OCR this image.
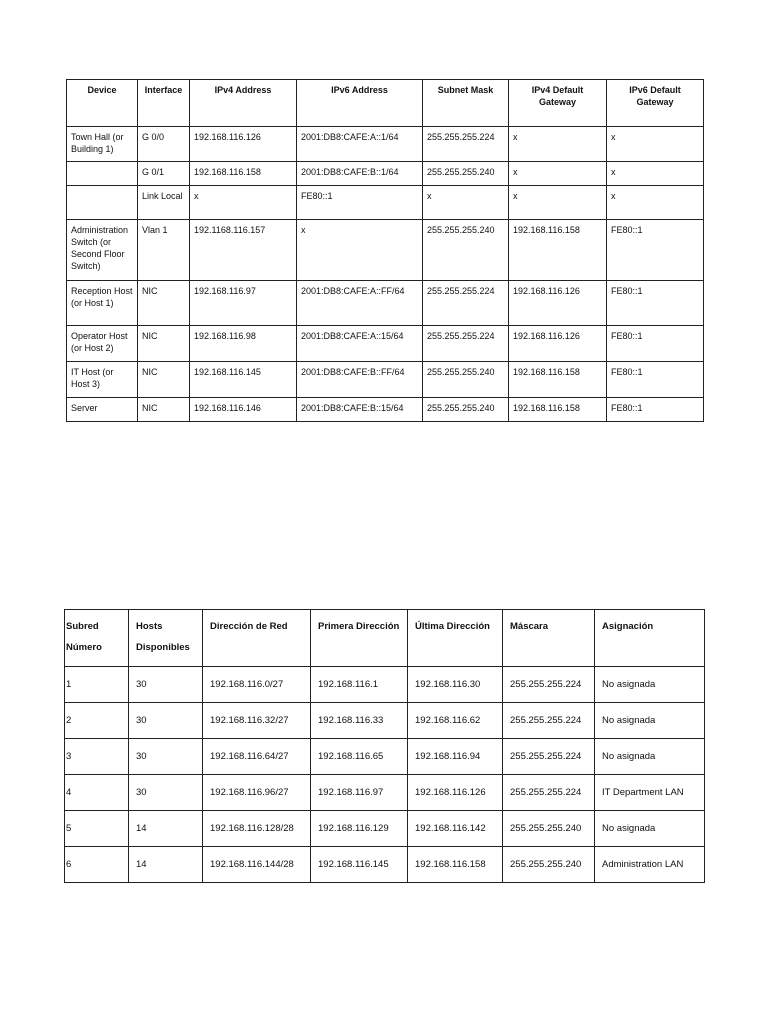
Device	Interface	IPv4 Address	IPv6 Address	Subnet Mask	IPv4 Default Gateway	IPv6 Default Gateway
Town Hall (or Building 1)	G 0/0	192.168.116.126	2001:DB8:CAFE:A::1/64	255.255.255.224	x	x
	G 0/1	192.168.116.158	2001:DB8:CAFE:B::1/64	255.255.255.240	x	x
	Link Local	x	FE80::1	x	x	x
Administration Switch (or Second Floor Switch)	Vlan 1	192.1168.116.157	x	255.255.255.240	192.168.116.158	FE80::1
Reception Host (or Host 1)	NIC	192.168.116.97	2001:DB8:CAFE:A::FF/64	255.255.255.224	192.168.116.126	FE80::1
Operator Host (or Host 2)	NIC	192.168.116.98	2001:DB8:CAFE:A::15/64	255.255.255.224	192.168.116.126	FE80::1
IT Host (or Host 3)	NIC	192.168.116.145	2001:DB8:CAFE:B::FF/64	255.255.255.240	192.168.116.158	FE80::1
Server	NIC	192.168.116.146	2001:DB8:CAFE:B::15/64	255.255.255.240	192.168.116.158	FE80::1
Subred Número	Hosts Disponibles	Dirección de Red	Primera Dirección	Última Dirección	Máscara	Asignación
1	30	192.168.116.0/27	192.168.116.1	192.168.116.30	255.255.255.224	No asignada
2	30	192.168.116.32/27	192.168.116.33	192.168.116.62	255.255.255.224	No asignada
3	30	192.168.116.64/27	192.168.116.65	192.168.116.94	255.255.255.224	No asignada
4	30	192.168.116.96/27	192.168.116.97	192.168.116.126	255.255.255.224	IT Department LAN
5	14	192.168.116.128/28	192.168.116.129	192.168.116.142	255.255.255.240	No asignada
6	14	192.168.116.144/28	192.168.116.145	192.168.116.158	255.255.255.240	Administration LAN
